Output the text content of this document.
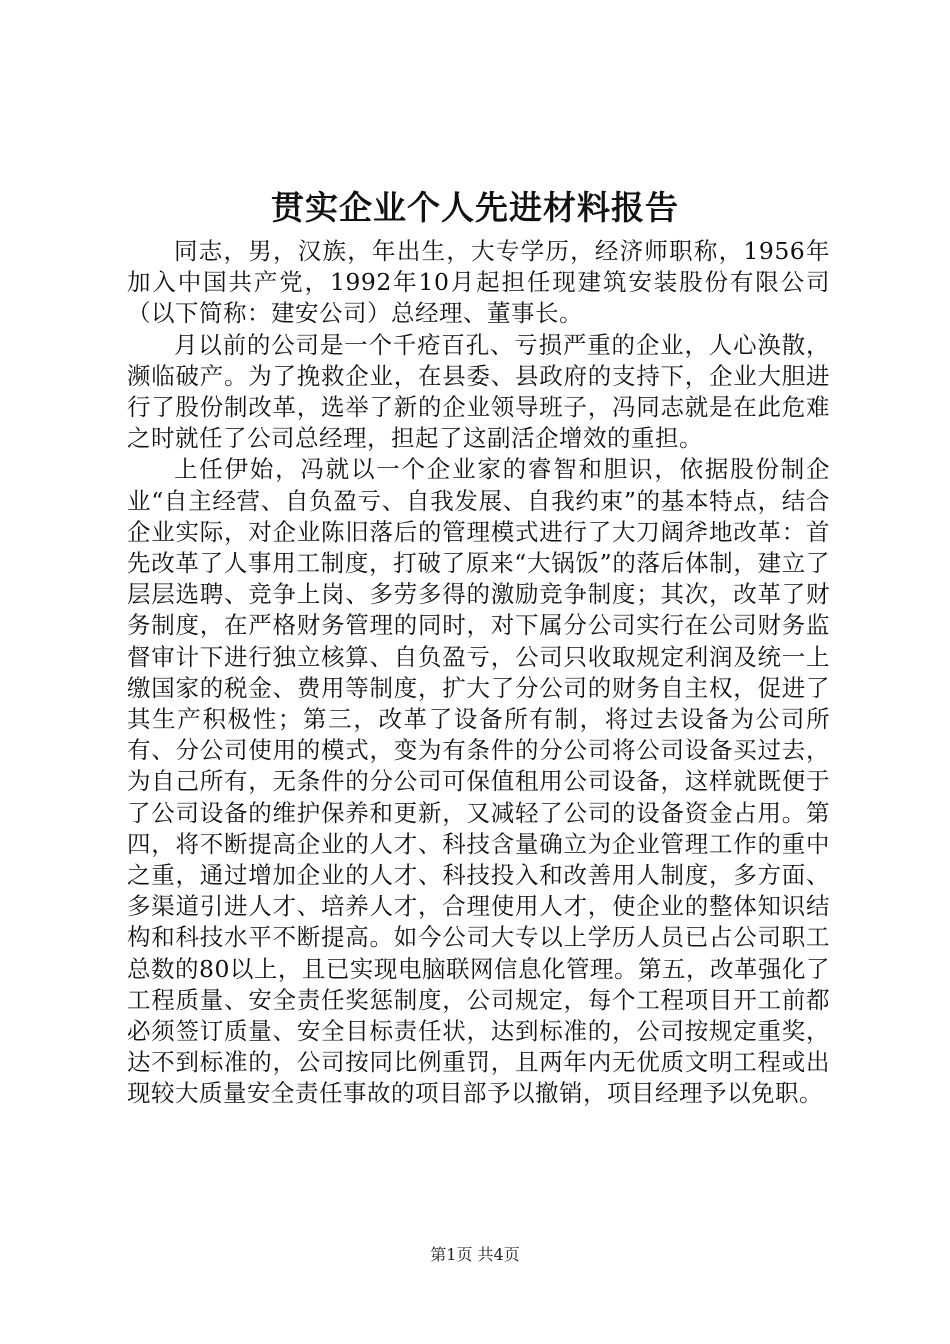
贯实企业个人先进材料报告

同志，男，汉族，年出生，大专学历，经济师职称，1956年加入中国共产党，1992年10月起担任现建筑安装股份有限公司（以下简称：建安公司）总经理、董事长。

月以前的公司是一个千疮百孔、亏损严重的企业，人心涣散，濒临破产。为了挽救企业，在县委、县政府的支持下，企业大胆进行了股份制改革，选举了新的企业领导班子，冯同志就是在此危难之时就任了公司总经理，担起了这副活企增效的重担。

上任伊始，冯就以一个企业家的睿智和胆识，依据股份制企业“自主经营、自负盈亏、自我发展、自我约束”的基本特点，结合企业实际，对企业陈旧落后的管理模式进行了大刀阔斧地改革：首先改革了人事用工制度，打破了原来“大锅饭”的落后体制，建立了层层选聘、竞争上岗、多劳多得的激励竞争制度；其次，改革了财务制度，在严格财务管理的同时，对下属分公司实行在公司财务监督审计下进行独立核算、自负盈亏，公司只收取规定利润及统一上缴国家的税金、费用等制度，扩大了分公司的财务自主权，促进了其生产积极性；第三，改革了设备所有制，将过去设备为公司所有、分公司使用的模式，变为有条件的分公司将公司设备买过去，为自己所有，无条件的分公司可保值租用公司设备，这样就既便于了公司设备的维护保养和更新，又减轻了公司的设备资金占用。第四，将不断提高企业的人才、科技含量确立为企业管理工作的重中之重，通过增加企业的人才、科技投入和改善用人制度，多方面、多渠道引进人才、培养人才，合理使用人才，使企业的整体知识结构和科技水平不断提高。如今公司大专以上学历人员已占公司职工总数的80以上，且已实现电脑联网信息化管理。第五，改革强化了工程质量、安全责任奖惩制度，公司规定，每个工程项目开工前都必须签订质量、安全目标责任状，达到标准的，公司按规定重奖，达不到标准的，公司按同比例重罚，且两年内无优质文明工程或出现较大质量安全责任事故的项目部予以撤销，项目经理予以免职。

第1页 共4页
